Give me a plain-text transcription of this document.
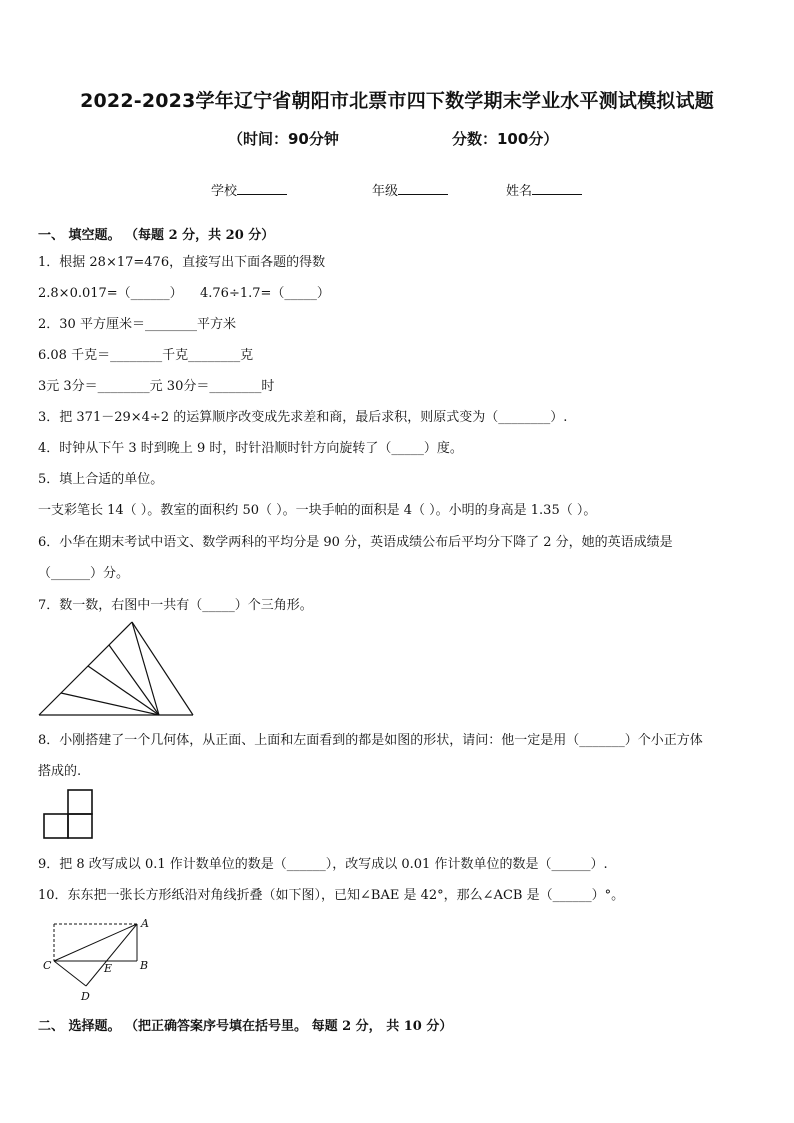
2022-2023学年辽宁省朝阳市北票市四下数学期末学业水平测试模拟试题
（时间：90分钟	分数：100分）
学校	年级	姓名
一、 填空题。 （每题 2 分，共 20 分）
1．根据 28×17=476，直接写出下面各题的得数
2.8×0.017=（______） 4.76÷1.7=（_____）
2．30 平方厘米＝________平方米
6.08 千克＝________千克________克
3元 3分＝________元 30分＝________时
3．把 371－29×4÷2 的运算顺序改变成先求差和商，最后求积，则原式变为（________）.
4．时钟从下午 3 时到晚上 9 时，时针沿顺时针方向旋转了（_____）度。
5．填上合适的单位。
一支彩笔长 14（ ）。教室的面积约 50（ ）。一块手帕的面积是 4（ ）。小明的身高是 1.35（ ）。
6．小华在期末考试中语文、数学两科的平均分是 90 分，英语成绩公布后平均分下降了 2 分，她的英语成绩是
（______）分。
7．数一数，右图中一共有（_____）个三角形。
8．小刚搭建了一个几何体，从正面、上面和左面看到的都是如图的形状，请问：他一定是用（_______）个小正方体
搭成的.
9．把 8 改写成以 0.1 作计数单位的数是（______），改写成以 0.01 作计数单位的数是（______）.
10．东东把一张长方形纸沿对角线折叠（如下图），已知∠BAE 是 42°，那么∠ACB 是（______）°。
A
B
C
D
E
二、 选择题。 （把正确答案序号填在括号里。 每题 2 分， 共 10 分）
